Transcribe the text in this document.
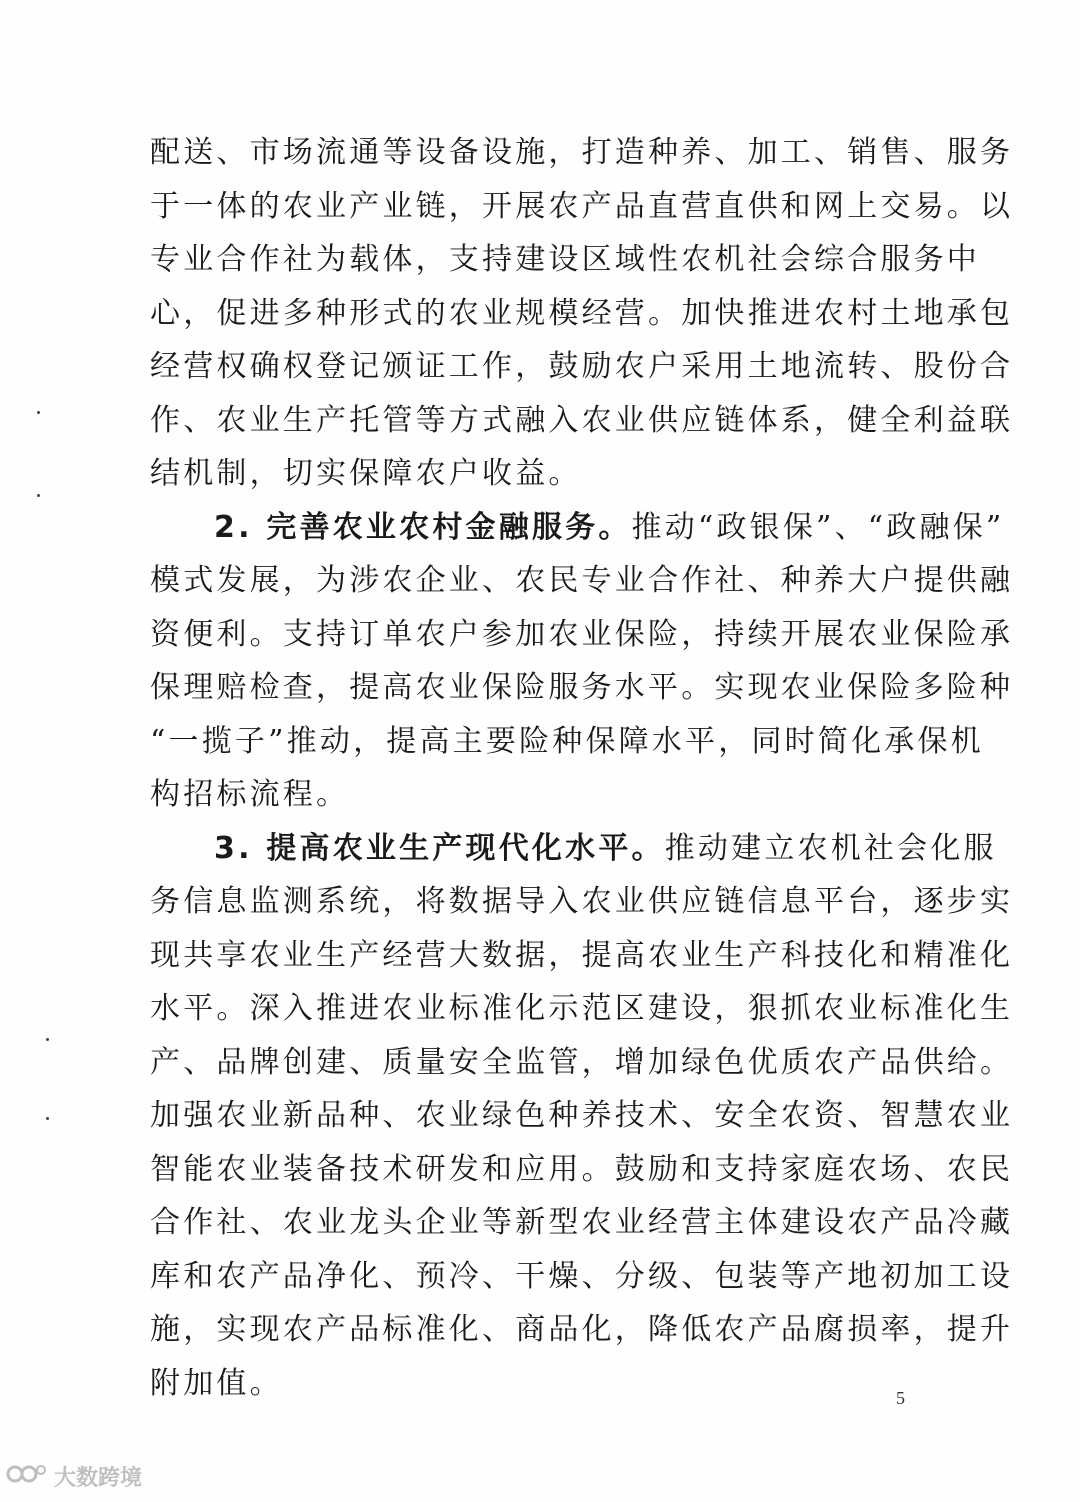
配送、市场流通等设备设施，打造种养、加工、销售、服务
于一体的农业产业链，开展农产品直营直供和网上交易。以
专业合作社为载体，支持建设区域性农机社会综合服务中
心，促进多种形式的农业规模经营。加快推进农村土地承包
经营权确权登记颁证工作，鼓励农户采用土地流转、股份合
作、农业生产托管等方式融入农业供应链体系，健全利益联
结机制，切实保障农户收益。
2. 完善农业农村金融服务。推动“政银保”、“政融保”
模式发展，为涉农企业、农民专业合作社、种养大户提供融
资便利。支持订单农户参加农业保险，持续开展农业保险承
保理赔检查，提高农业保险服务水平。实现农业保险多险种
“一揽子”推动，提高主要险种保障水平，同时简化承保机
构招标流程。
3. 提高农业生产现代化水平。推动建立农机社会化服
务信息监测系统，将数据导入农业供应链信息平台，逐步实
现共享农业生产经营大数据，提高农业生产科技化和精准化
水平。深入推进农业标准化示范区建设，狠抓农业标准化生
产、品牌创建、质量安全监管，增加绿色优质农产品供给。
加强农业新品种、农业绿色种养技术、安全农资、智慧农业
智能农业装备技术研发和应用。鼓励和支持家庭农场、农民
合作社、农业龙头企业等新型农业经营主体建设农产品冷藏
库和农产品净化、预冷、干燥、分级、包装等产地初加工设
施，实现农产品标准化、商品化，降低农产品腐损率，提升
附加值。	5
大数跨境
